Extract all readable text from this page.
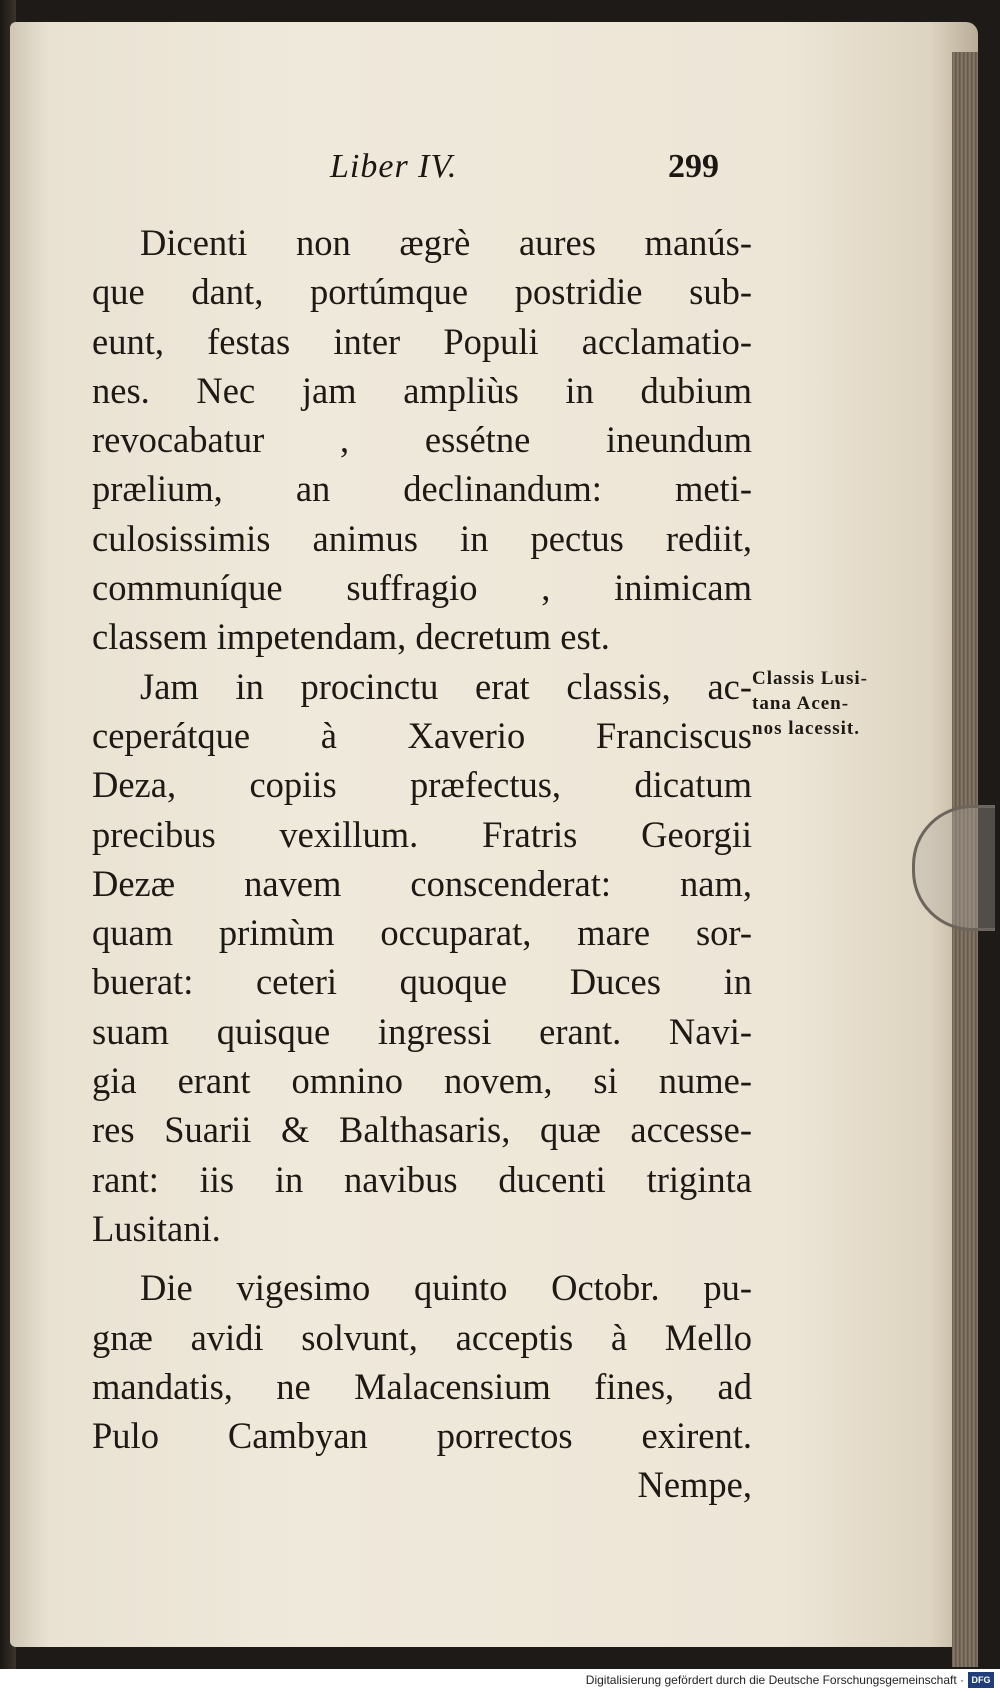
Liber IV.	299
Dicenti non ægrè aures manús-
que dant, portúmque postridie sub-
eunt, festas inter Populi acclamatio-
nes. Nec jam ampliùs in dubium
revocabatur , essétne ineundum
prælium, an declinandum: meti-
culosissimis animus in pectus rediit,
communíque suffragio , inimicam
classem impetendam, decretum est.
Jam in procinctu erat classis, ac-
ceperátque à Xaverio Franciscus
Deza, copiis præfectus, dicatum
precibus vexillum. Fratris Georgii
Dezæ navem conscenderat: nam,
quam primùm occuparat, mare sor-
buerat: ceteri quoque Duces in
suam quisque ingressi erant. Navi-
gia erant omnino novem, si nume-
res Suarii & Balthasaris, quæ accesse-
rant: iis in navibus ducenti triginta
Lusitani.
Die vigesimo quinto Octobr. pu-
gnæ avidi solvunt, acceptis à Mello
mandatis, ne Malacensium fines, ad
Pulo Cambyan porrectos exirent.
Nempe,
Classis Lusi-
tana Acen-
nos lacessit.
Digitalisierung gefördert durch die Deutsche Forschungsgemeinschaft · DFG
